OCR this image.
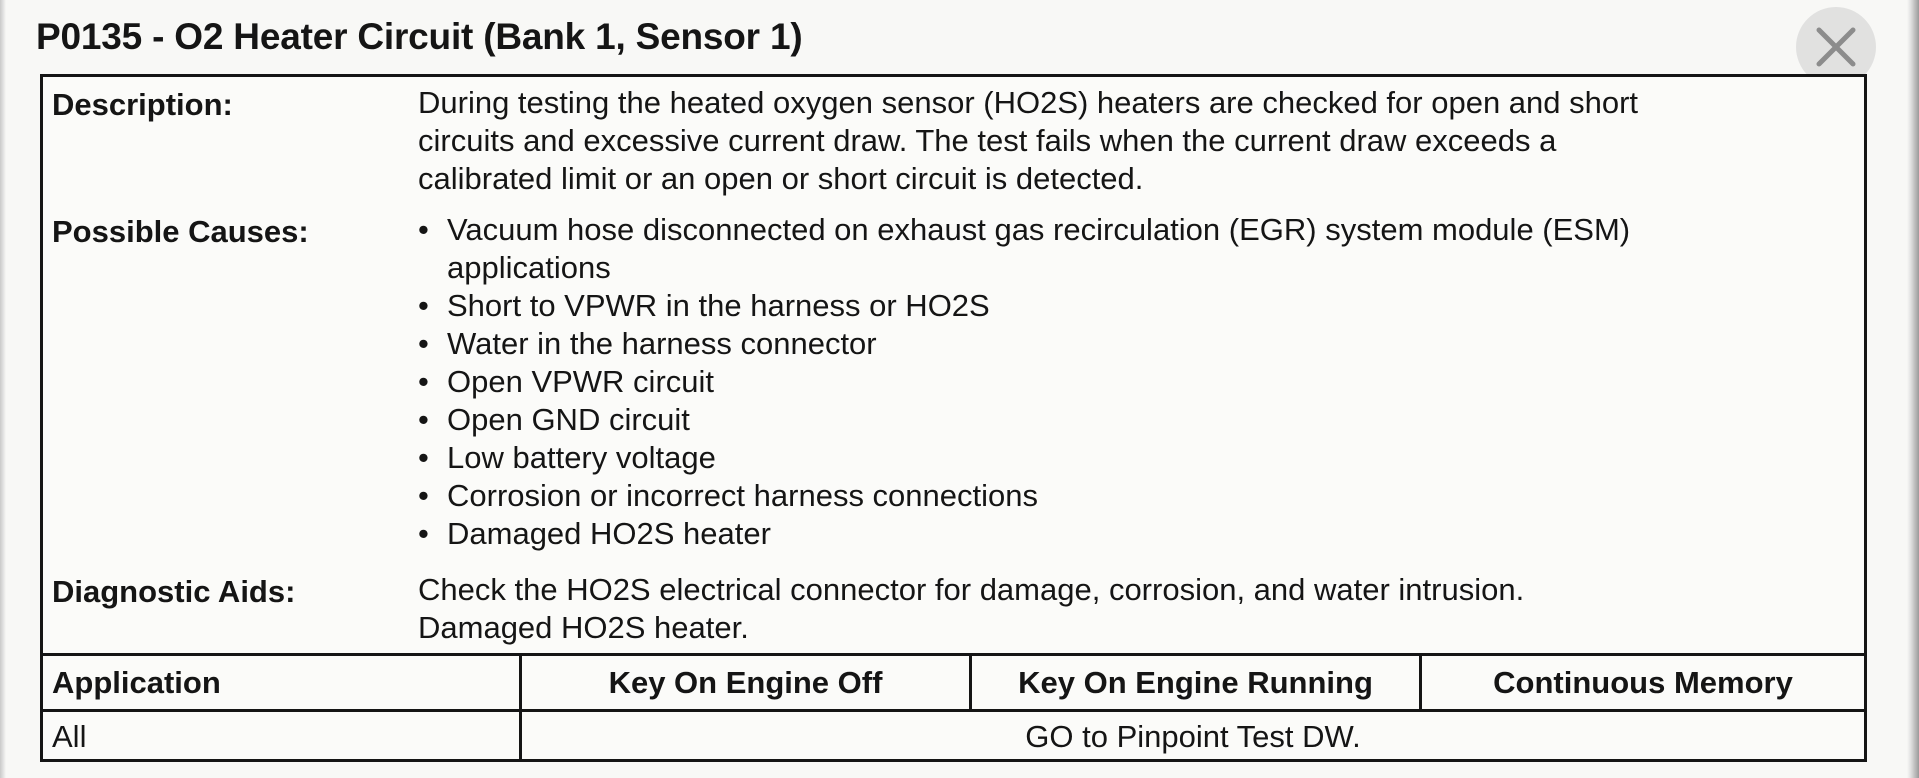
P0135 - O2 Heater Circuit (Bank 1, Sensor 1)
Description:	During testing the heated oxygen sensor (HO2S) heaters are checked for open and short

circuits and excessive current draw. The test fails when the current draw exceeds a

calibrated limit or an open or short circuit is detected.

Possible Causes:
•	Vacuum hose disconnected on exhaust gas recirculation (EGR) system module (ESM)
applications
• Short to VPWR in the harness or HO2S
• Water in the harness connector
• Open VPWR circuit
• Open GND circuit
• Low battery voltage
• Corrosion or incorrect harness connections
• Damaged HO2S heater
Diagnostic Aids:	Check the HO2S electrical connector for damage, corrosion, and water intrusion.

Damaged HO2S heater.

Application	Key On Engine Off	Key On Engine Running	Continuous Memory
All	GO to Pinpoint Test DW.
